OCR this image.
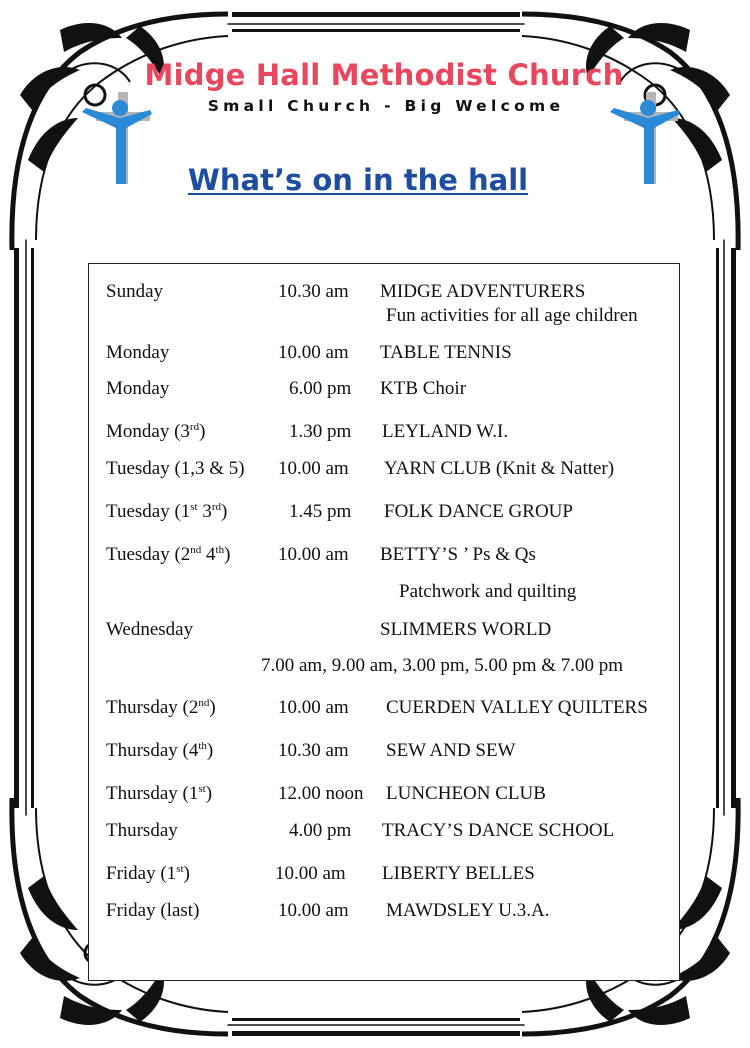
Midge Hall Methodist Church
Small Church - Big Welcome
What’s on in the hall
Sunday	10.30 am MIDGE ADVENTURERS
Fun activities for all age children
Monday	10.00 am TABLE TENNIS
Monday	6.00 pm KTB Choir
Monday (3rd)	1.30 pm LEYLAND W.I.
Tuesday (1,3 & 5) 10.00 am YARN CLUB (Knit & Natter)
Tuesday (1st 3rd)	1.45 pm FOLK DANCE GROUP
Tuesday (2nd 4th)	10.00 am BETTY’S ’ Ps & Qs
Patchwork and quilting
Wednesday	SLIMMERS WORLD
7.00 am, 9.00 am, 3.00 pm, 5.00 pm & 7.00 pm
Thursday (2nd)	10.00 am CUERDEN VALLEY QUILTERS
Thursday (4th)	10.30 am SEW AND SEW
Thursday (1st)	12.00 noon LUNCHEON CLUB
Thursday	4.00 pm TRACY’S DANCE SCHOOL
Friday (1st)	10.00 am LIBERTY BELLES
Friday (last)	10.00 am MAWDSLEY U.3.A.
